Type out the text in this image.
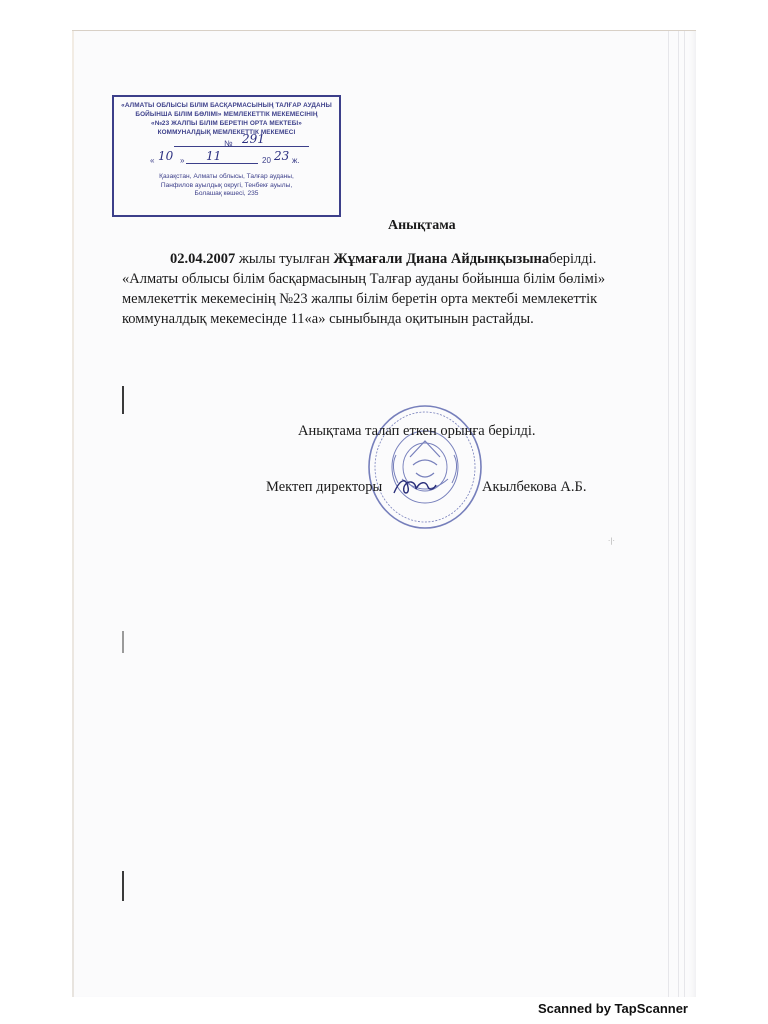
«АЛМАТЫ ОБЛЫСЫ БІЛІМ БАСҚАРМАСЫНЫҢ ТАЛҒАР АУДАНЫ
БОЙЫНША БІЛІМ БӨЛІМІ» МЕМЛЕКЕТТІК МЕКЕМЕСІНІҢ
«№23 ЖАЛПЫ БІЛІМ БЕРЕТІН ОРТА МЕКТЕБІ»
КОММУНАЛДЫҚ МЕМЛЕКЕТТІК МЕКЕМЕСІ
№ 291
« 10 » 11	20 23 ж.
Қазақстан, Алматы облысы, Талғар ауданы,
Панфилов ауылдық округі, Тенбекғ ауылы,
Болашақ көшесі, 235
Анықтама

02.04.2007 жылы туылған Жұмағали Диана Айдынқызынаберілді. «Алматы облысы білім басқармасының Талғар ауданы бойынша білім бөлімі» мемлекеттік мекемесінің №23 жалпы білім беретін орта мектебі мемлекеттік коммуналдық мекемесінде 11«а» сыныбында оқитынын растайды.

Анықтама талап еткен орынға берілді.
Мектеп директоры	Акылбекова А.Б.
·|·
Scanned by TapScanner
